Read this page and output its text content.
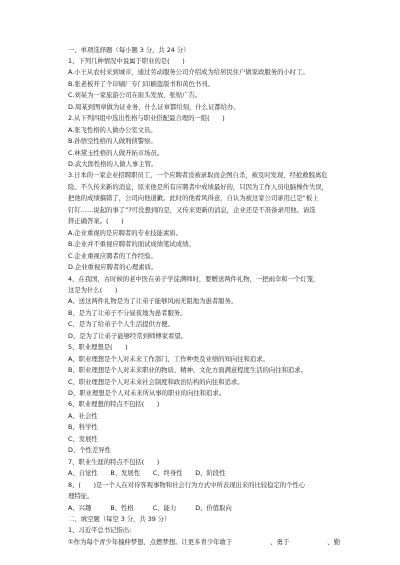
一、单项选择题（每小题 3 分，共 24 分）
1、下列几种情况中说属于职业的是(　　)
A.小王从农村来到城市，通过劳动服务公司介绍成为给居民住户做家政服务的小时工。
B.张老板开了个印刷厂专门印刷盗版书和黄色书刊。
C.刘某为一家旅游公司在街头发放，张贴广告。
D.周某到图章做为证业务，什么证章都给刻，什么证都给办。
2.从下列四组中选出性格与职业搭配最合理的一组(　　)
A.张飞性格的人做办公室文员。
B.孙悟空性格的人做刑侦警察。
C.林黛玉性格的人做开拓市场员。
D.武大郎性格的人做人事主管。
3.日本的一家企业招聘职员工，一个应聘者没被录取而企图自杀，被及时发现，经抢救脱离危
险。不久传来新的消息，原来他是所有应聘者中成绩最好的，只因为工作人员电脑操作失误，
把他的成绩搞错了，公司向他道歉。此时的他看风得意，自认为被这家公司录用已是“板上
钉钉……说起的事了”?可没想到的是，又传来更新的消息，企业还是不准备录用他。请选
择正确答案。(　　)
A.企业重视的是应聘者的专业技能素质。
B.企业并不重视应聘者的面试成绩笔试成绩。
C.企业重视应聘者的工作经验。
D.企业重视应聘者的心理素质。
4、在我国，古时候的老中医在弟子学徒满师时，要赠送两件礼物，一把雨伞和一个灯笼，
这是为什么(　　)
A、送这两件礼物是为了让弟子能够风雨无阻地为患者服务。
B、是为了让弟子不分昼夜地为患者服务。
C、是为了给弟子个人生活提供方便。
D、是为了让弟子能够经常到师傅家看望。
5、职业理想是(　　)
A、职业理想是个人对未来工作部门、工作种类及业绩的知向往和追求。
B、职业理想是个人对未来职业的物质、精神、文化方面满意程度生活的向往和追求。
C、职业理想是个人对未来社会制度和政治结构的向往和追求。
D、职业理想是个人对未来所从事的职业的向往和追求。
6、职业理想的特点不包括(　　)
A、社会性
B、科学性
C、发展性
D、个性差异性
7、职业生涯的特点不包括(　　)
A、自觉性　　B、发展性　　C、终身性　　D、阶段性
8、(　　)是一个人在对待客观事物和社会行为方式中所表现出来的比较稳定的个性心
理特征。
A、兴趣　　　B、性格　　　C、能力　　　D、价值取向
二、填空题（每空 3 分，共 39 分）
1、习近平总书记指出:
①作为每个青少年撞伸梦想、点燃梦想。让更多青少年敢于　　　　　　、勇于　　　　　　、勤
